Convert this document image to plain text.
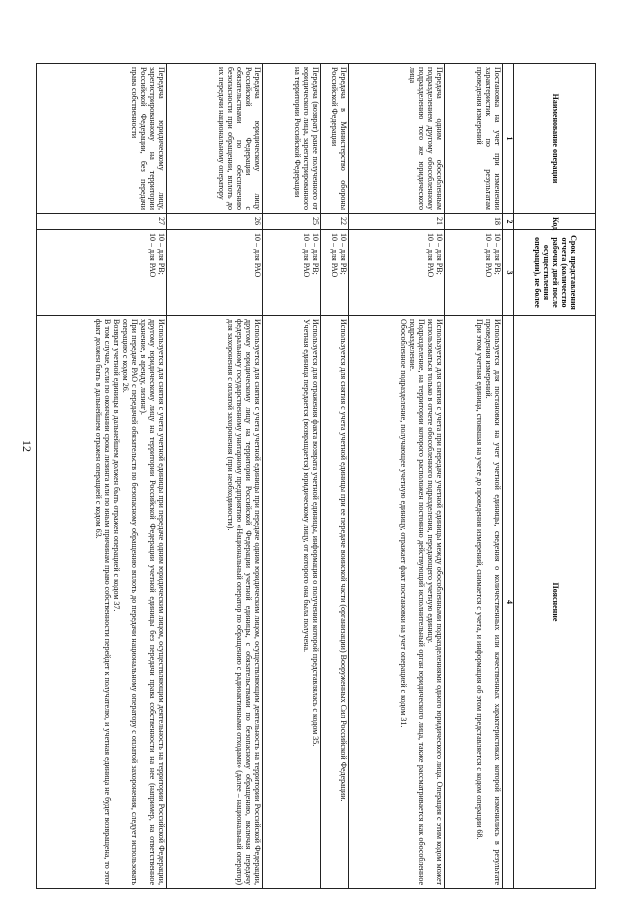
12
Наименование операции	Код	Срок представления отчета (количество рабочих дней после осуществления операции), не более	Пояснение
1	2	3	4
Постановка на учет при изменении характеристик по результатам проведения измерений	18	10 – для РВ;
10 – для РАО	Используется для постановки на учет учетной единицы, сведения о количественных или качественных характеристиках которой изменились в результате проведения измерений.
При этом учетная единица, стоявшая на учете до проведения измерений, снимается с учета, и информация об этом представляется с кодом операции 68.

Передача одним обособленным подразделением другому обособленному подразделению того же юридического лица	21	10 – для РВ;
10 – для РАО	Используется для снятия с учета при передаче учетной единицы между обособленными подразделениями одного юридического лица. Операция с этим кодом может использоваться только в отчете обособленного подразделения, передающего учетную единицу.
Подразделение, на территории которого расположен постоянно действующий исполнительный орган юридического лица, также рассматривается как обособленное подразделение.
Обособленное подразделение, получающее учетную единицу, отражает факт постановки на учет операцией с кодом 31.

Передача в Министерство обороны Российской Федерации	22	10 – для РВ;
10 – для РАО	Используется для снятия с учета учетной единицы при ее передаче воинской части (организации) Вооруженных Сил Российской Федерации.

Передача (возврат) ранее полученного от юридического лица, зарегистрированного на территории Российской Федерации	25	10 – для РВ;
10 – для РАО	Используется для отражения факта возврата учетной единицы, информация о получении которой представлялась с кодом 35.
Учетная единица передается (возвращается) юридическому лицу, от которого она была получена.

Передача юридическому лицу Российской Федерации с обязательствами по обеспечению безопасности при обращении, вплоть до их передачи национальному оператору	26	10 – для РАО	Используется для снятия с учета учетной единицы при передаче одним юридическим лицом, осуществляющим деятельность на территории Российской Федерации, другому юридическому лицу на территории Российской Федерации учетной единицы, с обязательствами по безопасному обращению, включая передачу федеральному государственному унитарному предприятию «Национальный оператор по обращению с радиоактивными отходами» (далее – национальный оператор) для захоронения с оплатой захоронения (при необходимости).

Передача юридическому лицу, зарегистрированному на территории Российской Федерации, без передачи права собственности	27	10 – для РВ;
10 – для РАО	Используется для снятия с учета учетной единицы при передаче одним юридическим лицом, осуществляющим деятельность на территории Российской Федерации, другому юридическому лицу на территории Российской Федерации учетной единицы без передачи права собственности на нее (например, на ответственное хранение, в аренду, лизинг).
При передаче РАО с передачей обязательств по безопасному обращению вплоть до передачи национальному оператору с оплатой захоронения, следует использовать операцию с кодом 26.
Возврат учетной единицы в дальнейшем должен быть отражен операцией с кодом 37.
В том случае, если по окончании срока лизинга или по иным причинам право собственности перейдет к получателю, и учетная единица не будет возвращена, то этот факт должен быть в дальнейшем отражен операцией с кодом 63.
